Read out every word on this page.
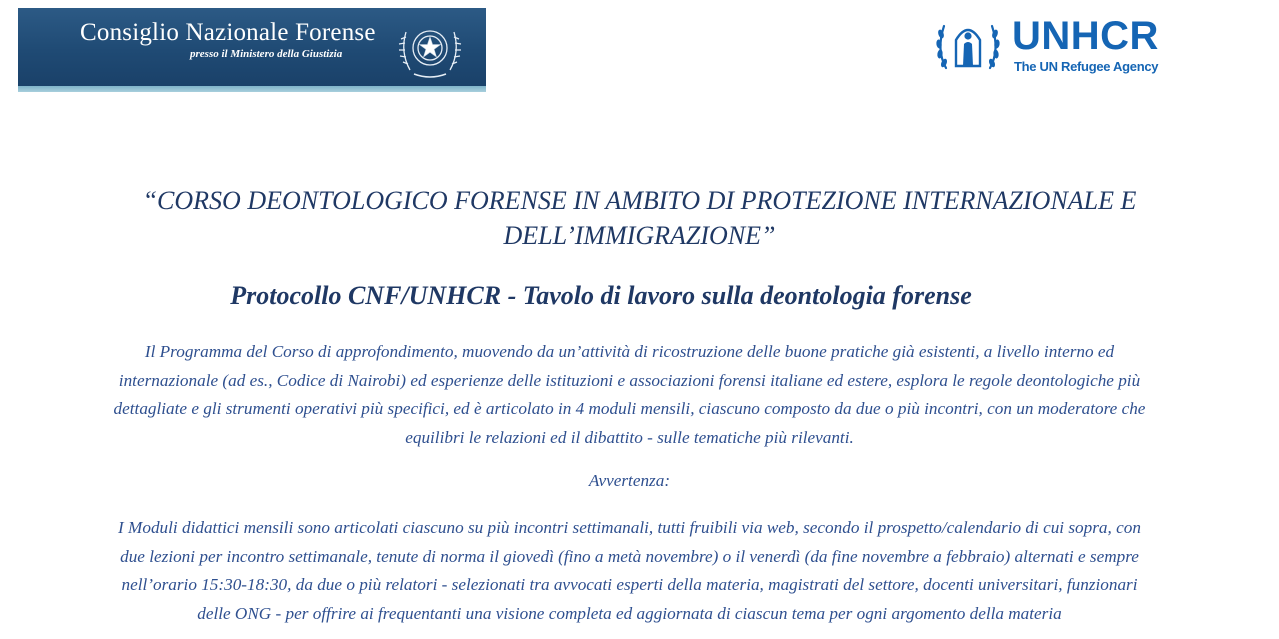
Consiglio Nazionale Forense
presso il Ministero della Giustizia	UNHCR
The UN Refugee Agency
“CORSO DEONTOLOGICO FORENSE IN AMBITO DI PROTEZIONE INTERNAZIONALE E
DELL’IMMIGRAZIONE”
Protocollo CNF/UNHCR - Tavolo di lavoro sulla deontologia forense

Il Programma del Corso di approfondimento, muovendo da un’attività di ricostruzione delle buone pratiche già esistenti, a livello interno ed
internazionale (ad es., Codice di Nairobi) ed esperienze delle istituzioni e associazioni forensi italiane ed estere, esplora le regole deontologiche più
dettagliate e gli strumenti operativi più specifici, ed è articolato in 4 moduli mensili, ciascuno composto da due o più incontri, con un moderatore che
equilibri le relazioni ed il dibattito - sulle tematiche più rilevanti.

Avvertenza:

I Moduli didattici mensili sono articolati ciascuno su più incontri settimanali, tutti fruibili via web, secondo il prospetto/calendario di cui sopra, con
due lezioni per incontro settimanale, tenute di norma il giovedì (fino a metà novembre) o il venerdì (da fine novembre a febbraio) alternati e sempre
nell’orario 15:30-18:30, da due o più relatori - selezionati tra avvocati esperti della materia, magistrati del settore, docenti universitari, funzionari
delle ONG - per offrire ai frequentanti una visione completa ed aggiornata di ciascun tema per ogni argomento della materia
